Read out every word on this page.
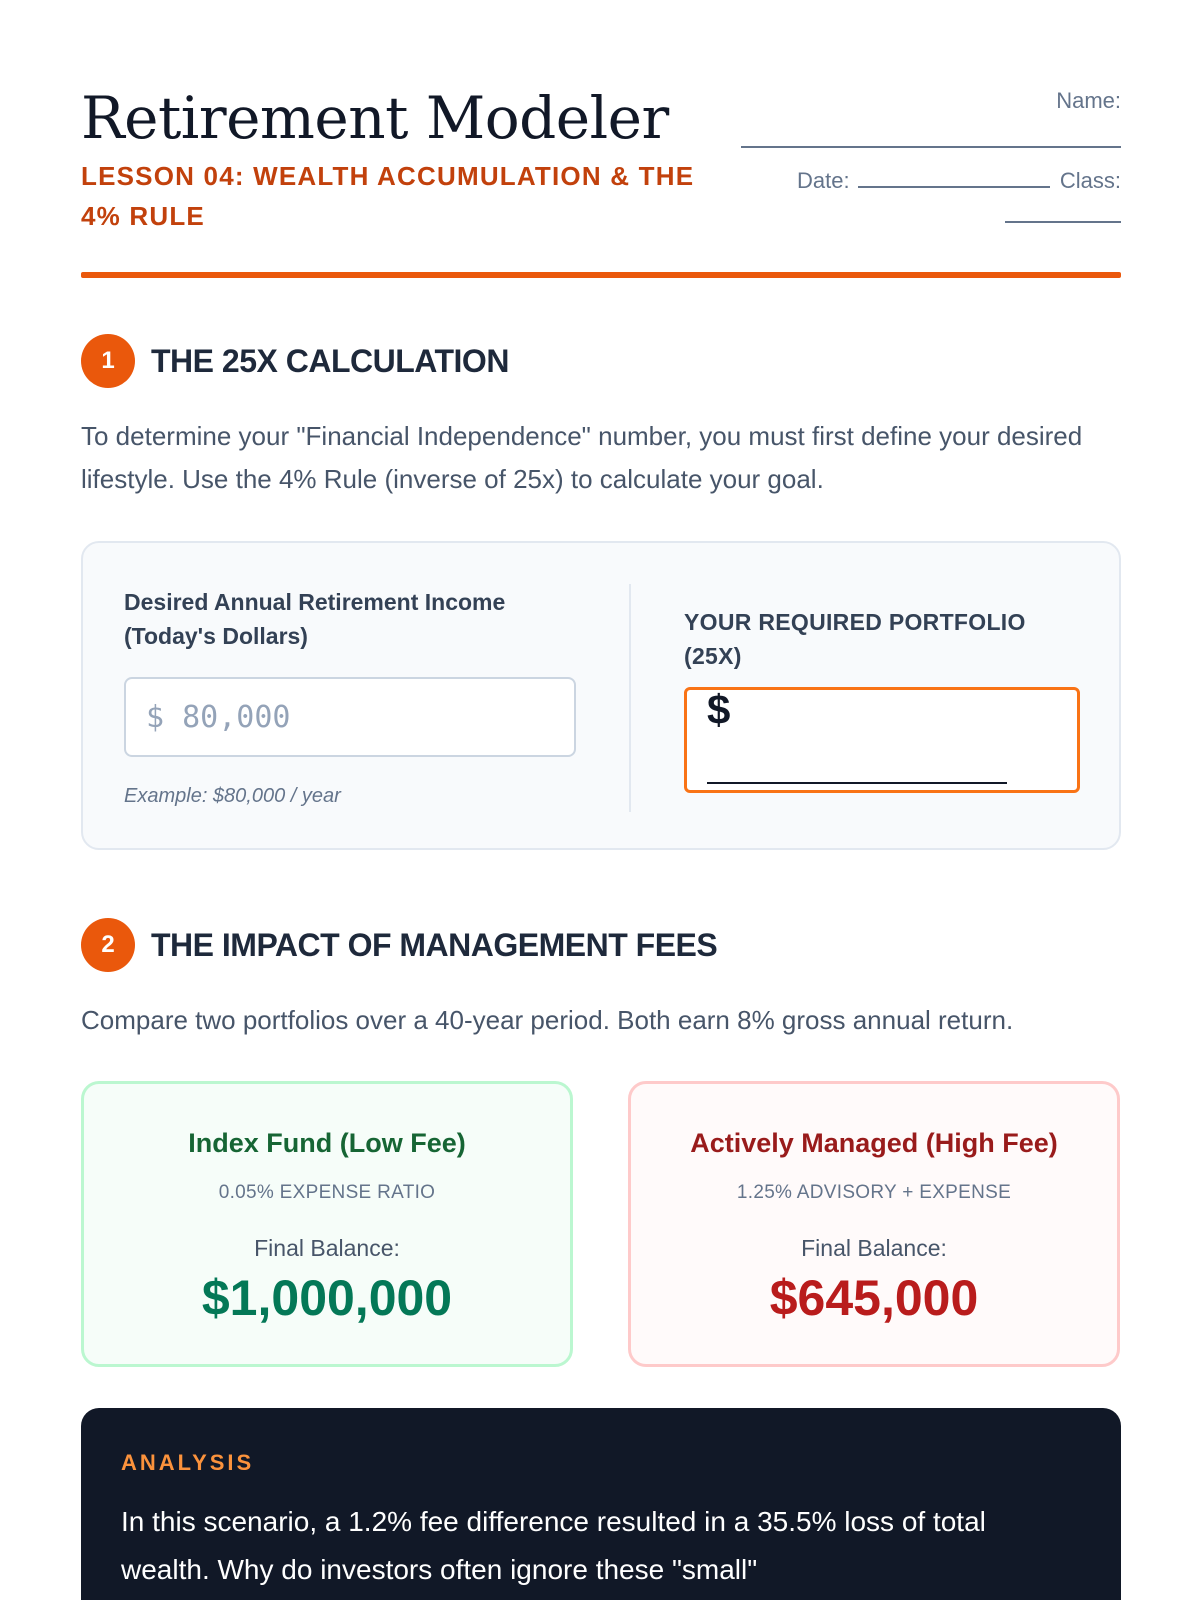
Retirement Modeler
LESSON 04: WEALTH ACCUMULATION & THE 4% RULE
Name:
Date:	Class:
1	THE 25X CALCULATION

To determine your "Financial Independence" number, you must first define your desired lifestyle. Use the 4% Rule (inverse of 25x) to calculate your goal.

Desired Annual Retirement Income (Today's Dollars)
$ 80,000
Example: $80,000 / year
YOUR REQUIRED PORTFOLIO (25X)
$
2	THE IMPACT OF MANAGEMENT FEES

Compare two portfolios over a 40-year period. Both earn 8% gross annual return.

Index Fund (Low Fee)
0.05% EXPENSE RATIO
Final Balance:
$1,000,000
Actively Managed (High Fee)
1.25% ADVISORY + EXPENSE
Final Balance:
$645,000
ANALYSIS

In this scenario, a 1.2% fee difference resulted in a 35.5% loss of total wealth. Why do investors often ignore these "small"
